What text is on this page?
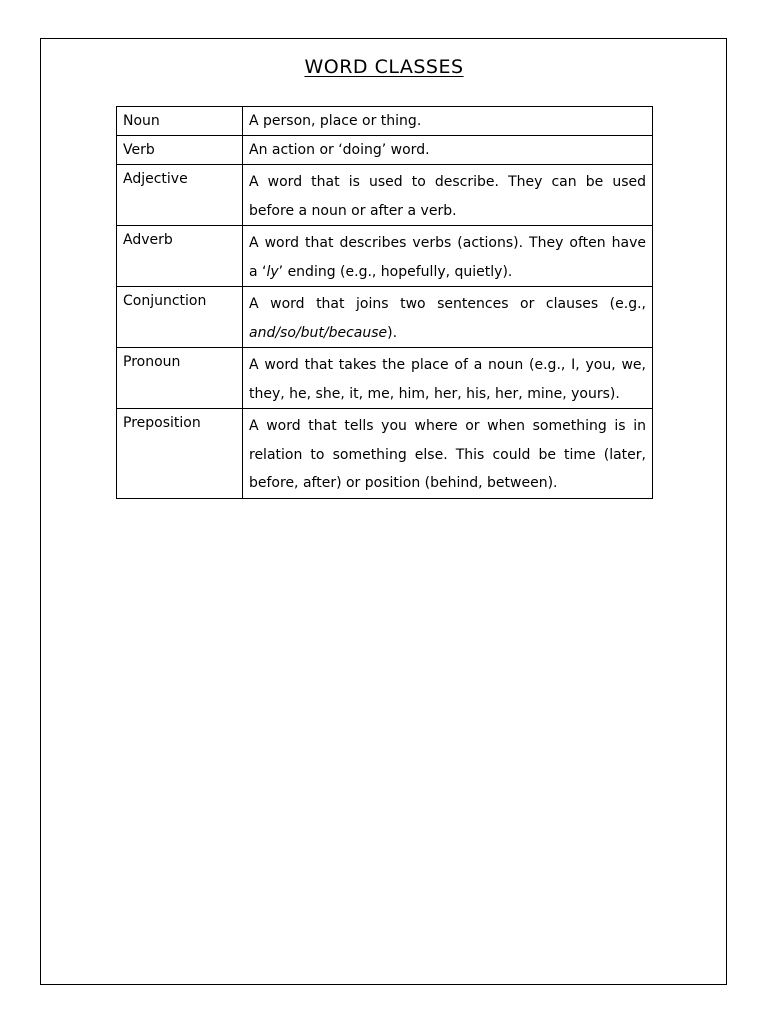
WORD CLASSES
Noun	A person, place or thing.
Verb	An action or ‘doing’ word.
Adjective	A word that is used to describe. They can be used before a noun or after a verb.
Adverb	A word that describes verbs (actions). They often have a ‘ly’ ending (e.g., hopefully, quietly).
Conjunction	A word that joins two sentences or clauses (e.g., and/so/but/because).
Pronoun	A word that takes the place of a noun (e.g., I, you, we, they, he, she, it, me, him, her, his, her, mine, yours).
Preposition	A word that tells you where or when something is in relation to something else. This could be time (later, before, after) or position (behind, between).
